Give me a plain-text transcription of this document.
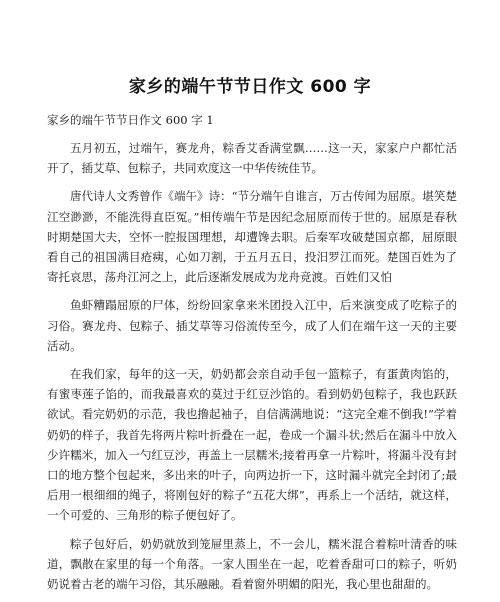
家乡的端午节节日作文 600 字

家乡的端午节节日作文 600 字 1

五月初五，过端午，赛龙舟，粽香艾香满堂飘……这一天，家家户户都忙活开了，插艾草、包粽子，共同欢度这一中华传统佳节。

唐代诗人文秀曾作《端午》诗：“节分端午自谁言，万古传闻为屈原。堪笑楚江空渺渺，不能洗得直臣冤。”相传端午节是因纪念屈原而传于世的。屈原是春秋时期楚国大夫，空怀一腔报国理想，却遭馋去职。后秦军攻破楚国京都，屈原眼看自己的祖国满目疮痍，心如刀割，于五月五日，投汨罗江而死。楚国百姓为了寄托哀思，荡舟江河之上，此后逐渐发展成为龙舟竞渡。百姓们又怕

鱼虾糟蹋屈原的尸体，纷纷回家拿来米团投入江中，后来演变成了吃粽子的习俗。赛龙舟、包粽子、插艾草等习俗流传至今，成了人们在端午这一天的主要活动。

在我们家，每年的这一天，奶奶都会亲自动手包一篮粽子，有蛋黄肉馅的，有蜜枣莲子馅的，而我最喜欢的莫过于红豆沙馅的。看到奶奶包粽子，我也跃跃欲试。看完奶奶的示范，我也撸起袖子，自信满满地说：“这完全难不倒我!”学着奶奶的样子，我首先将两片粽叶折叠在一起，卷成一个漏斗状;然后在漏斗中放入少许糯米，加入一勺红豆沙，再盖上一层糯米;接着再拿一片粽叶，将漏斗没有封口的地方整个包起来，多出来的叶子，向两边折一下，这时漏斗就完全封闭了;最后用一根细细的绳子，将刚包好的粽子“五花大绑”，再系上一个活结，就这样，一个可爱的、三角形的粽子便包好了。

粽子包好后，奶奶就放到笼屉里蒸上，不一会儿，糯米混合着粽叶清香的味道，飘散在家里的每一个角落。一家人围坐在一起，吃着香甜可口的粽子，听奶奶说着古老的端午习俗，其乐融融。看着窗外明媚的阳光，我心里也甜甜的。
